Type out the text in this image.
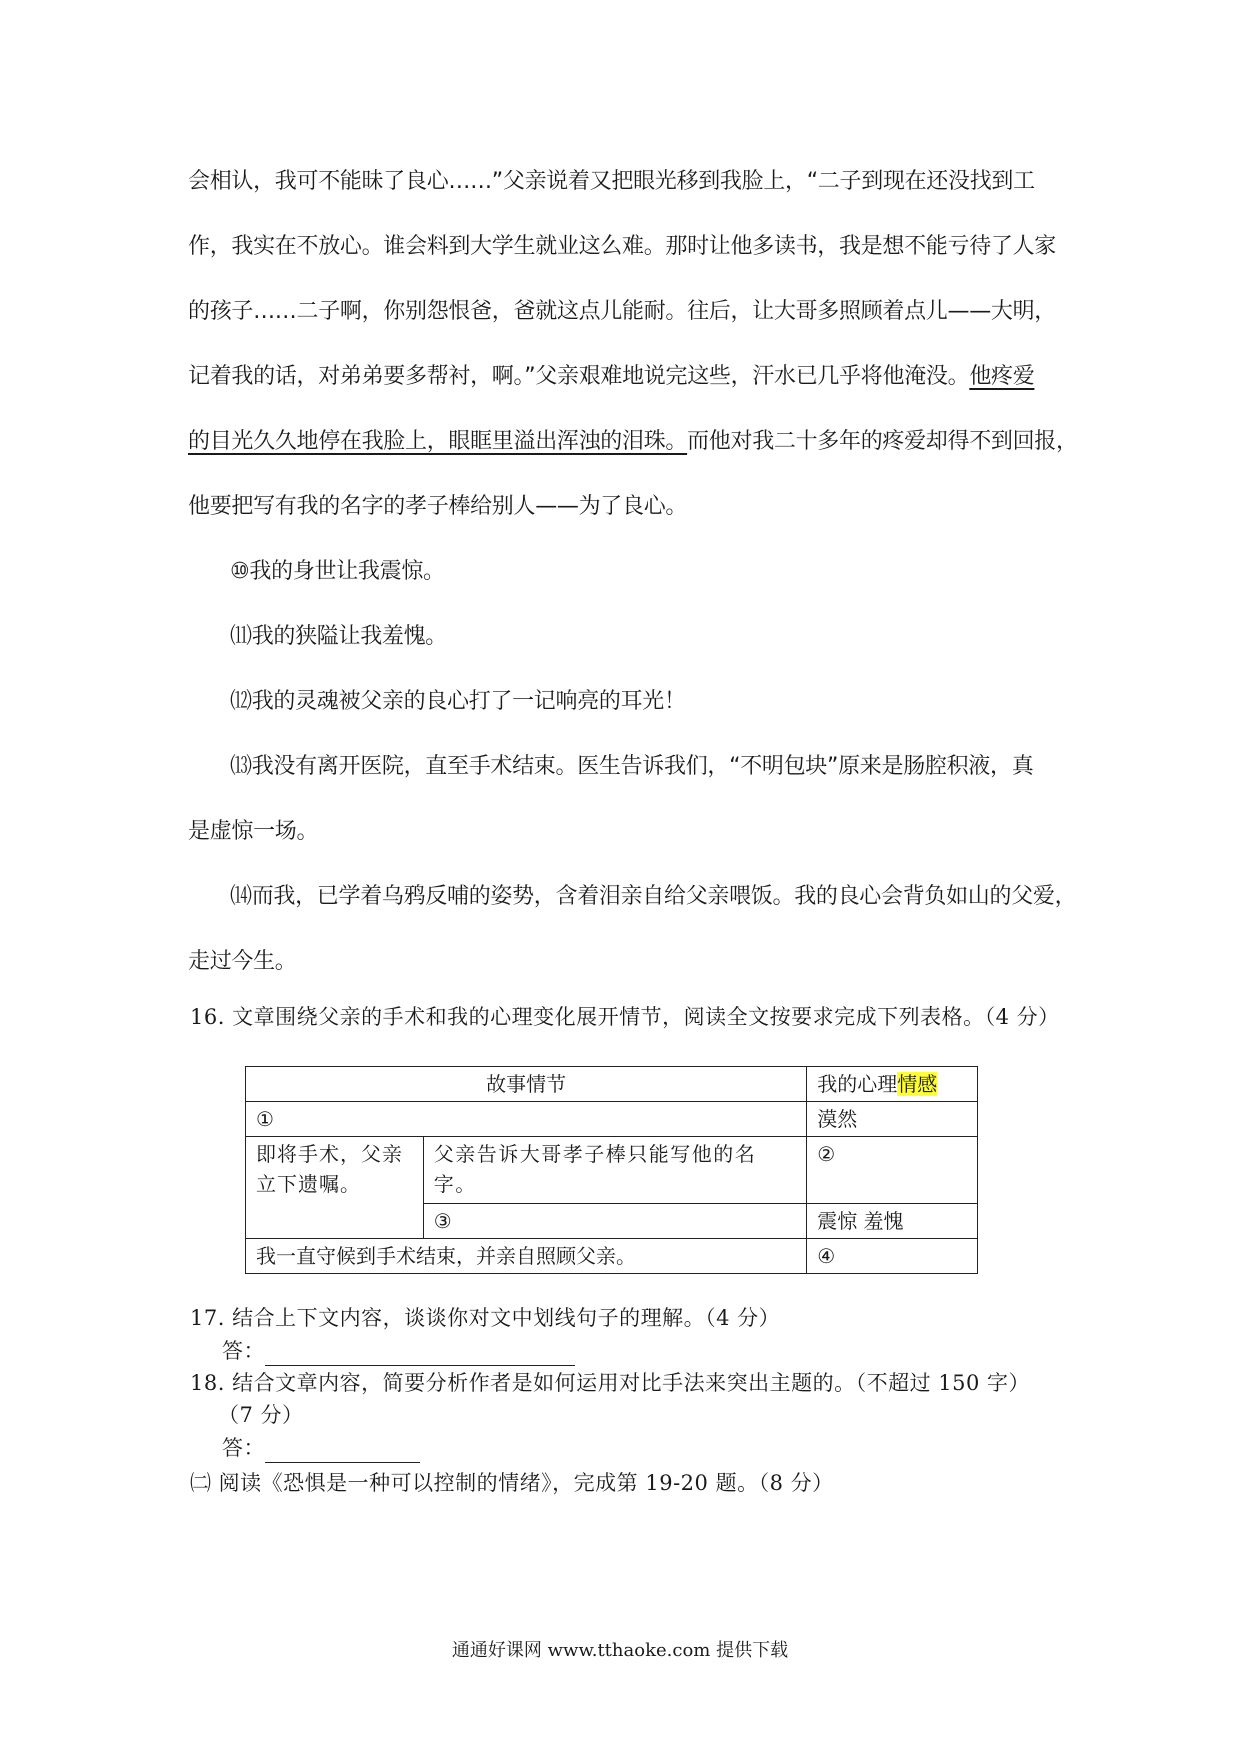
会相认，我可不能昧了良心……”父亲说着又把眼光移到我脸上，“二子到现在还没找到工
作，我实在不放心。谁会料到大学生就业这么难。那时让他多读书，我是想不能亏待了人家
的孩子……二子啊，你别怨恨爸，爸就这点儿能耐。往后，让大哥多照顾着点儿——大明，
记着我的话，对弟弟要多帮衬，啊。”父亲艰难地说完这些，汗水已几乎将他淹没。他疼爱
的目光久久地停在我脸上，眼眶里溢出浑浊的泪珠。而他对我二十多年的疼爱却得不到回报，
他要把写有我的名字的孝子棒给别人——为了良心。
⑩我的身世让我震惊。
⑾我的狭隘让我羞愧。
⑿我的灵魂被父亲的良心打了一记响亮的耳光！
⒀我没有离开医院，直至手术结束。医生告诉我们，“不明包块”原来是肠腔积液，真
是虚惊一场。
⒁而我，已学着乌鸦反哺的姿势，含着泪亲自给父亲喂饭。我的良心会背负如山的父爱，
走过今生。
16. 文章围绕父亲的手术和我的心理变化展开情节，阅读全文按要求完成下列表格。（4 分）
故事情节		我的心理情感
①		漠然
即将手术，父亲立下遗嘱。	父亲告诉大哥孝子棒只能写他的名字。	②
	③	震惊 羞愧
我一直守候到手术结束，并亲自照顾父亲。		④
17. 结合上下文内容，谈谈你对文中划线句子的理解。（4 分）
答：
18. 结合文章内容，简要分析作者是如何运用对比手法来突出主题的。（不超过 150 字）
（7 分）
答：
㈡ 阅读《恐惧是一种可以控制的情绪》，完成第 19-20 题。（8 分）
通通好课网 www.tthaoke.com 提供下载
